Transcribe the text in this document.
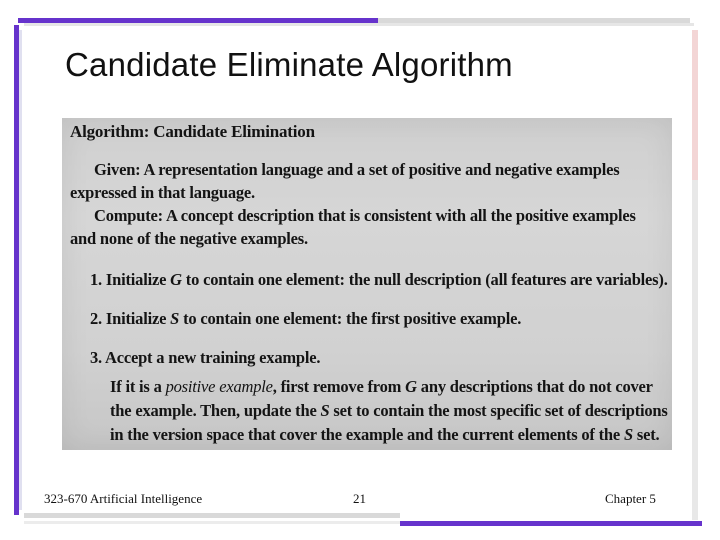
Candidate Eliminate Algorithm

Algorithm: Candidate Elimination

Given: A representation language and a set of positive and negative examples

expressed in that language.

Compute: A concept description that is consistent with all the positive examples

and none of the negative examples.

1. Initialize G to contain one element: the null description (all features are variables).

2. Initialize S to contain one element: the first positive example.

3. Accept a new training example.

If it is a positive example, first remove from G any descriptions that do not cover

the example. Then, update the S set to contain the most specific set of descriptions

in the version space that cover the example and the current elements of the S set.

323-670 Artificial Intelligence	21	Chapter 5
